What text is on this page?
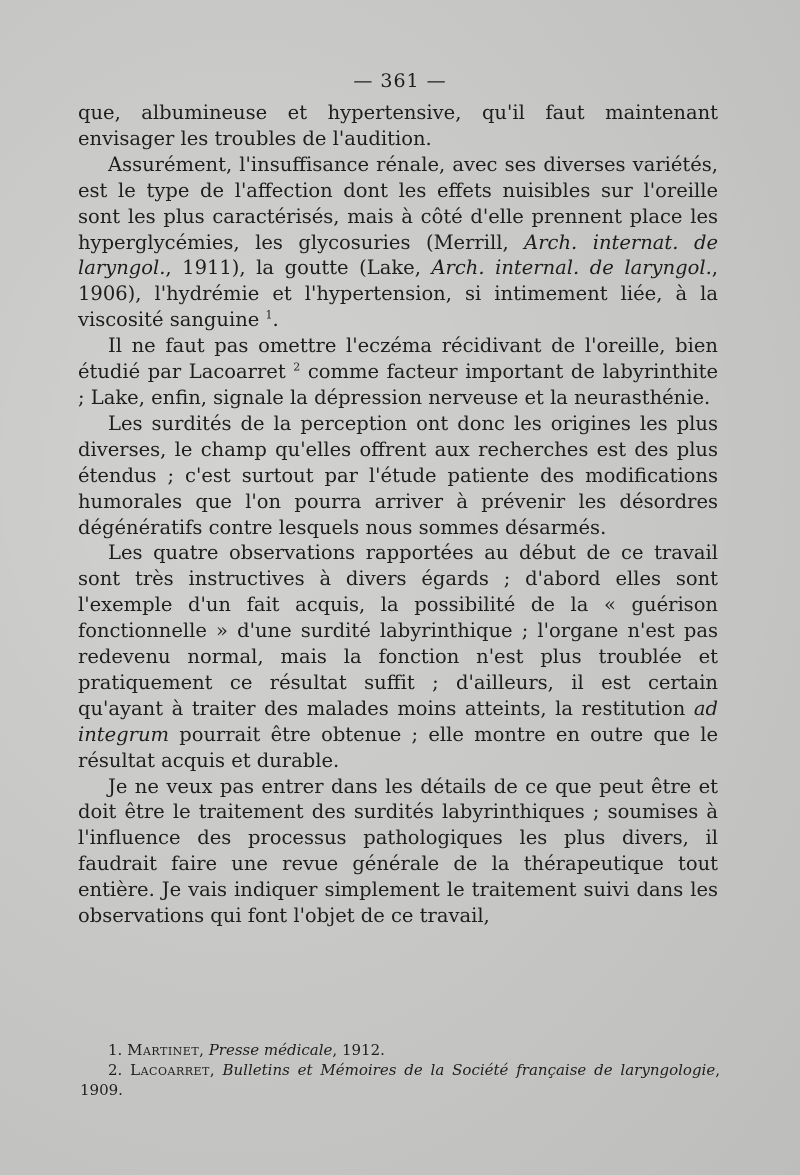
— 361 —

que, albumineuse et hypertensive, qu'il faut maintenant envisager les troubles de l'audition.

Assurément, l'insuffisance rénale, avec ses diverses variétés, est le type de l'affection dont les effets nuisibles sur l'oreille sont les plus caractérisés, mais à côté d'elle prennent place les hyperglycémies, les glycosuries (Merrill, Arch. internat. de laryngol., 1911), la goutte (Lake, Arch. internal. de laryngol., 1906), l'hydrémie et l'hypertension, si intimement liée, à la viscosité sanguine $^1$.

Il ne faut pas omettre l'eczéma récidivant de l'oreille, bien étudié par Lacoarret $^2$ comme facteur important de labyrinthite ; Lake, enfin, signale la dépression nerveuse et la neurasthénie.

Les surdités de la perception ont donc les origines les plus diverses, le champ qu'elles offrent aux recherches est des plus étendus ; c'est surtout par l'étude patiente des modifications humorales que l'on pourra arriver à prévenir les désordres dégénératifs contre lesquels nous sommes désarmés.

Les quatre observations rapportées au début de ce travail sont très instructives à divers égards ; d'abord elles sont l'exemple d'un fait acquis, la possibilité de la « guérison fonctionnelle » d'une surdité labyrinthique ; l'organe n'est pas redevenu normal, mais la fonction n'est plus troublée et pratiquement ce résultat suffit ; d'ailleurs, il est certain qu'ayant à traiter des malades moins atteints, la restitution ad integrum pourrait être obtenue ; elle montre en outre que le résultat acquis et durable.

Je ne veux pas entrer dans les détails de ce que peut être et doit être le traitement des surdités labyrinthiques ; soumises à l'influence des processus pathologiques les plus divers, il faudrait faire une revue générale de la thérapeutique tout entière. Je vais indiquer simplement le traitement suivi dans les observations qui font l'objet de ce travail,

1. Martinet, Presse médicale, 1912.

2. Lacoarret, Bulletins et Mémoires de la Société française de laryngologie, 1909.
